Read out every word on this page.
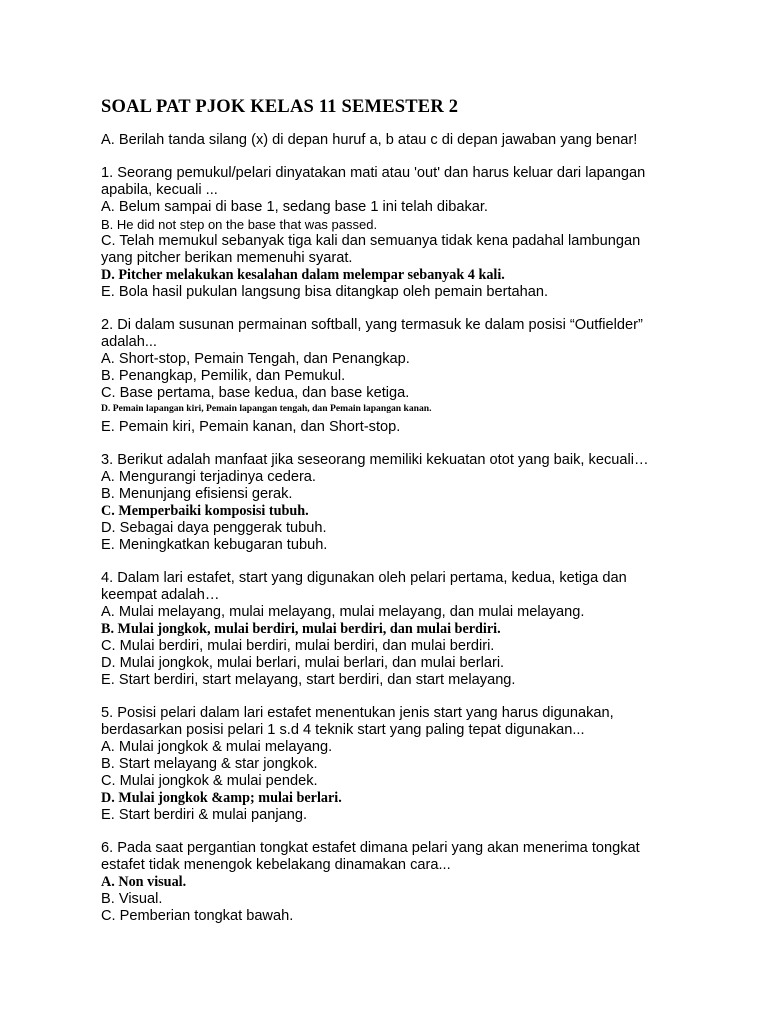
SOAL PAT PJOK KELAS 11 SEMESTER 2
A. Berilah tanda silang (x) di depan huruf a, b atau c di depan jawaban yang benar!
1. Seorang pemukul/pelari dinyatakan mati atau 'out' dan harus keluar dari lapangan
apabila, kecuali ...
A. Belum sampai di base 1, sedang base 1 ini telah dibakar.
B. He did not step on the base that was passed.
C. Telah memukul sebanyak tiga kali dan semuanya tidak kena padahal lambungan
yang pitcher berikan memenuhi syarat.
D. Pitcher melakukan kesalahan dalam melempar sebanyak 4 kali.
E. Bola hasil pukulan langsung bisa ditangkap oleh pemain bertahan.
2. Di dalam susunan permainan softball, yang termasuk ke dalam posisi “Outfielder”
adalah...
A. Short-stop, Pemain Tengah, dan Penangkap.
B. Penangkap, Pemilik, dan Pemukul.
C. Base pertama, base kedua, dan base ketiga.
D. Pemain lapangan kiri, Pemain lapangan tengah, dan Pemain lapangan kanan.
E. Pemain kiri, Pemain kanan, dan Short-stop.
3. Berikut adalah manfaat jika seseorang memiliki kekuatan otot yang baik, kecuali…
A. Mengurangi terjadinya cedera.
B. Menunjang efisiensi gerak.
C. Memperbaiki komposisi tubuh.
D. Sebagai daya penggerak tubuh.
E. Meningkatkan kebugaran tubuh.
4. Dalam lari estafet, start yang digunakan oleh pelari pertama, kedua, ketiga dan
keempat adalah…
A. Mulai melayang, mulai melayang, mulai melayang, dan mulai melayang.
B. Mulai jongkok, mulai berdiri, mulai berdiri, dan mulai berdiri.
C. Mulai berdiri, mulai berdiri, mulai berdiri, dan mulai berdiri.
D. Mulai jongkok, mulai berlari, mulai berlari, dan mulai berlari.
E. Start berdiri, start melayang, start berdiri, dan start melayang.
5. Posisi pelari dalam lari estafet menentukan jenis start yang harus digunakan,
berdasarkan posisi pelari 1 s.d 4 teknik start yang paling tepat digunakan...
A. Mulai jongkok & mulai melayang.
B. Start melayang & star jongkok.
C. Mulai jongkok & mulai pendek.
D. Mulai jongkok &amp; mulai berlari.
E. Start berdiri & mulai panjang.
6. Pada saat pergantian tongkat estafet dimana pelari yang akan menerima tongkat
estafet tidak menengok kebelakang dinamakan cara...
A. Non visual.
B. Visual.
C. Pemberian tongkat bawah.
